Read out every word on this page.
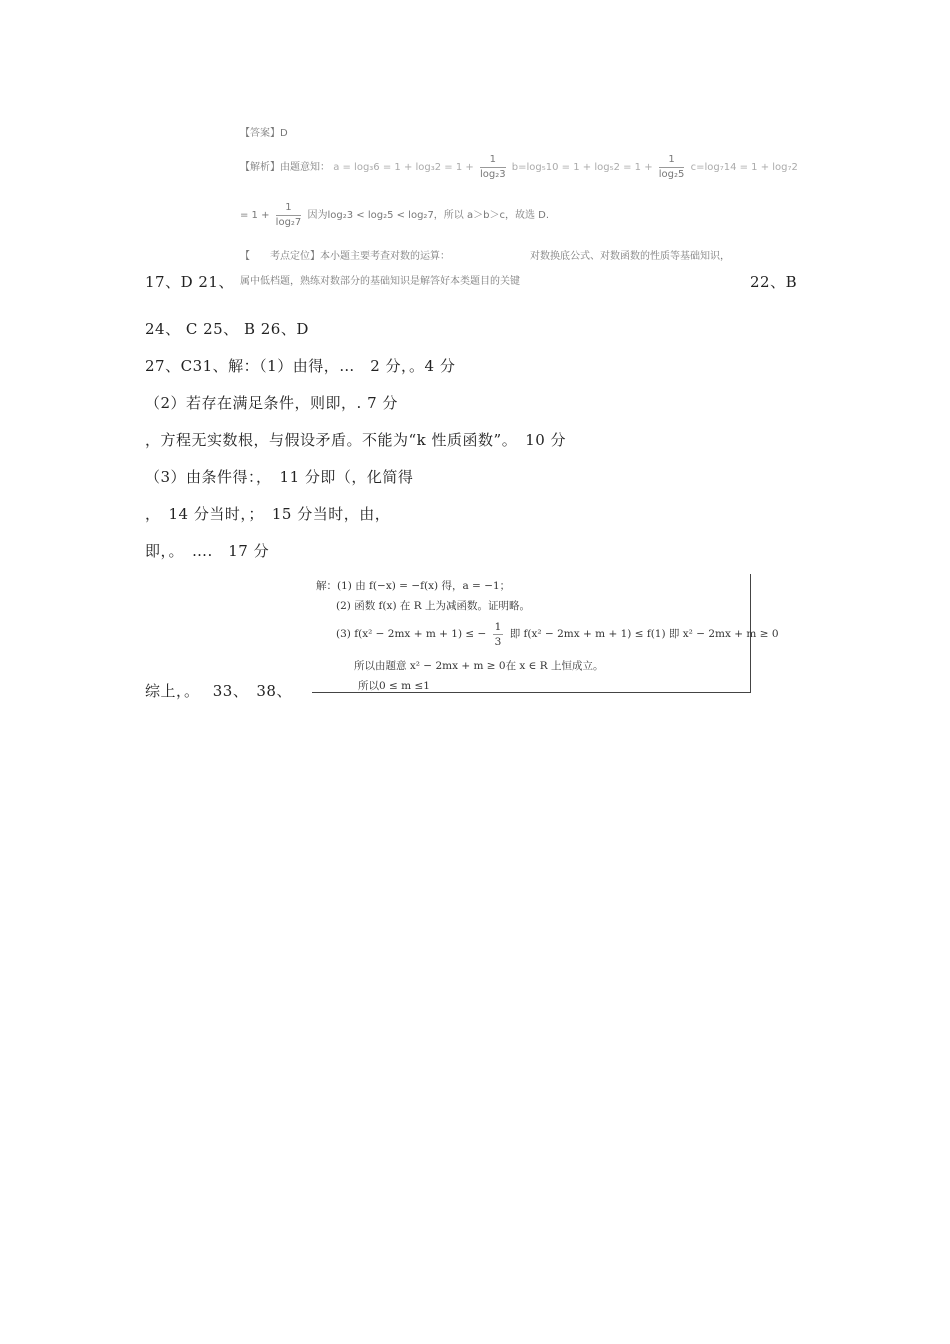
【答案】D
【解析】由题意知： $a = \log_36 = 1 + \log_32 = 1 + \frac{1}{\text{log₂3}} b=\log_510 = 1 + \log_52 = 1 + \frac{1}{\text{log₂5}} c=\log_714 = 1 + \log_72$
= $1 + \frac{1}{\text{log₂7}}$ 因为log₂3 < log₂5 < log₂7，所以 a＞b＞c，故选 D.
【　　考点定位】本小题主要考查对数的运算：	对数换底公式、对数函数的性质等基础知识，
属中低档题，熟练对数部分的基础知识是解答好本类题目的关键
17、D 21、	22、B
24、 C 25、 B 26、D
27、C31、解：（1）由得，…　2 分，。4 分
（2）若存在满足条件，则即，. 7 分
，方程无实数根，与假设矛盾。不能为“k 性质函数”。　10 分
（3）由条件得：，　11 分即（，化简得
，　14 分当时，；　15 分当时，由，
即，。　….　17 分
综上，。　 33、　38、
解：(1) 由 f(−x) = −f(x) 得，a = −1；
(2) 函数 f(x) 在 R 上为减函数。证明略。
(3) f(x² − 2mx + m + 1) ≤ − $\frac{1}{3}$ 即 f(x² − 2mx + m + 1) ≤ f(1) 即 x² − 2mx + m ≥ 0
所以由题意 x² − 2mx + m ≥ 0在 x ∈ R 上恒成立。
所以0 ≤ m ≤1
